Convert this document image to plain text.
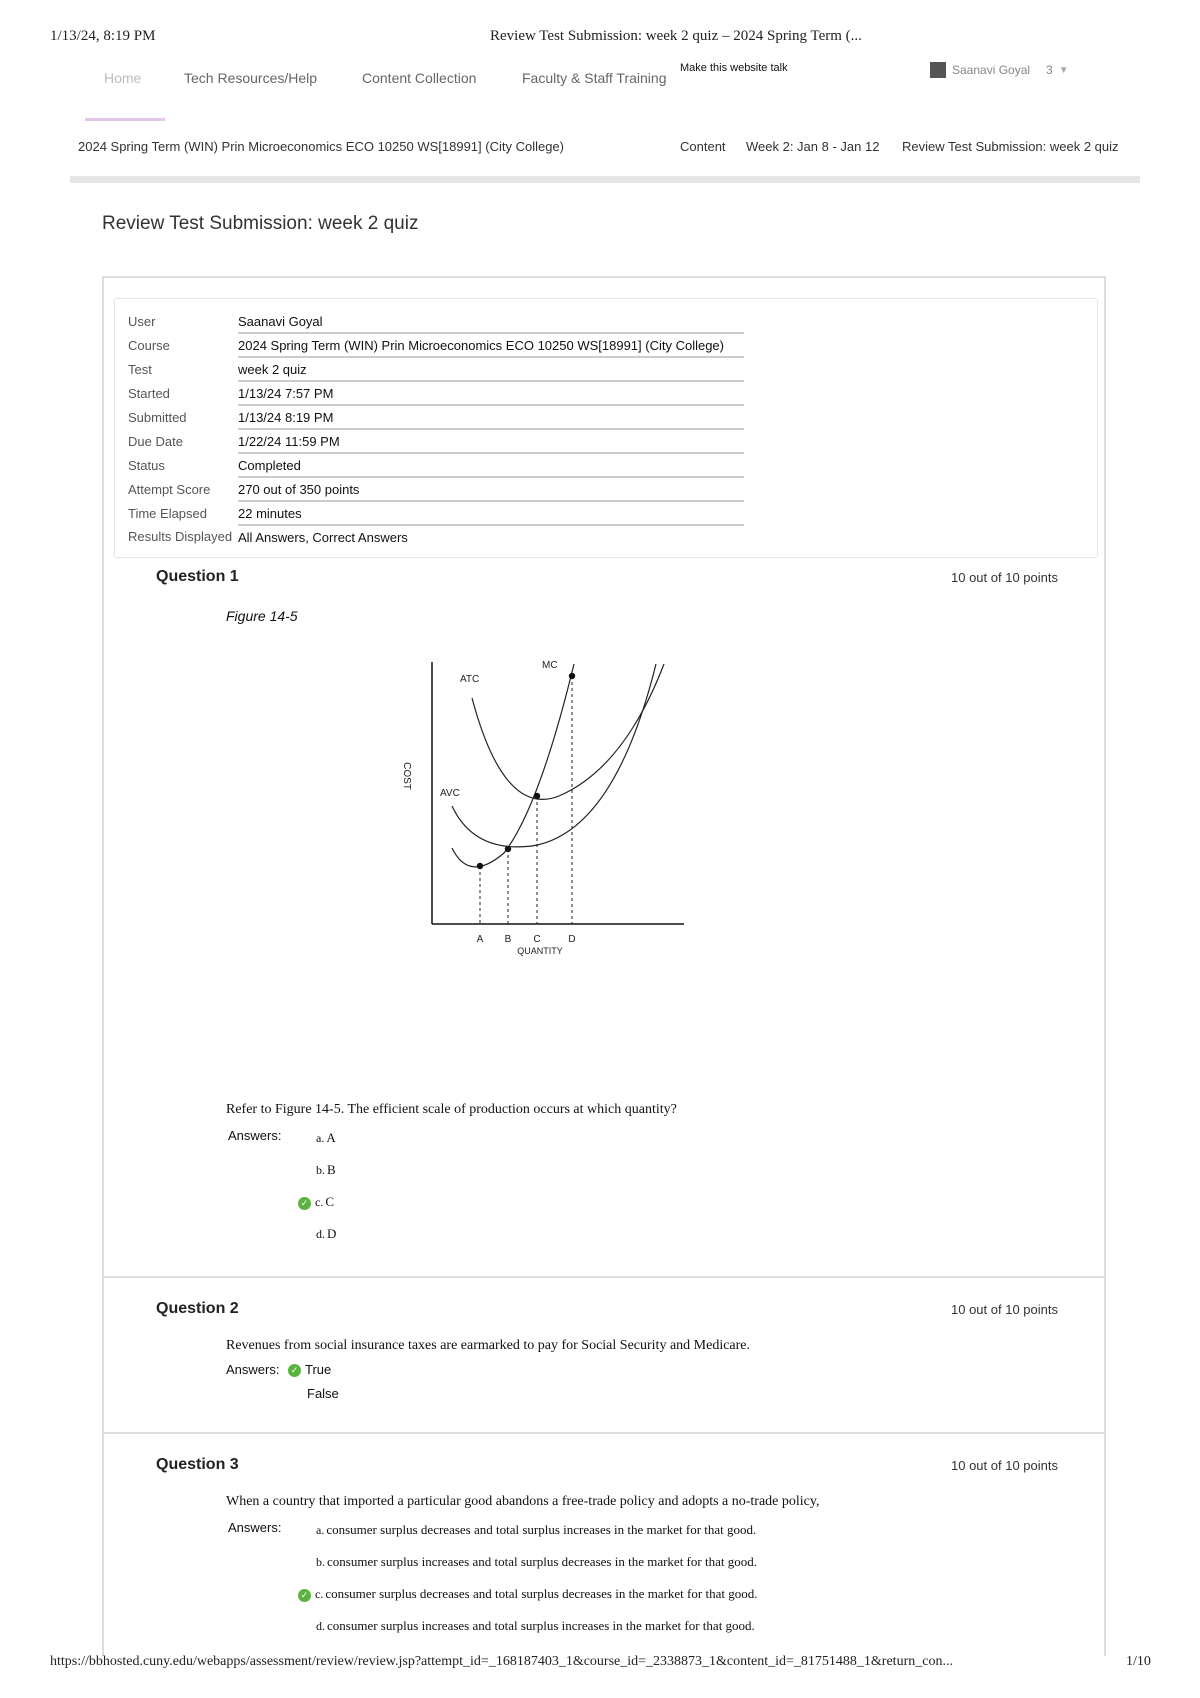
1/13/24, 8:19 PM	Review Test Submission: week 2 quiz – 2024 Spring Term (...
Home	Tech Resources/Help	Content Collection	Faculty & Staff Training
Make this website talk	Saanavi Goyal 3 ▼
2024 Spring Term (WIN) Prin Microeconomics ECO 10250 WS[18991] (City College)	Content Week 2: Jan 8 - Jan 12 Review Test Submission: week 2 quiz
Review Test Submission: week 2 quiz
User	Saanavi Goyal
Course	2024 Spring Term (WIN) Prin Microeconomics ECO 10250 WS[18991] (City College)
Test	week 2 quiz
Started	1/13/24 7:57 PM
Submitted	1/13/24 8:19 PM
Due Date	1/22/24 11:59 PM
Status	Completed
Attempt Score	270 out of 350 points
Time Elapsed	22 minutes
Results Displayed	All Answers, Correct Answers
Question 1	10 out of 10 points
Figure 14-5
A B C	D
QUANTITY
COST
ATC
AVC
MC
Refer to Figure 14-5. The efficient scale of production occurs at which quantity?
Answers:	a. A
b. B
✓ c. C
d. D
Question 2	10 out of 10 points
Revenues from social insurance taxes are earmarked to pay for Social Security and Medicare.
Answers:	✓ True
False
Question 3	10 out of 10 points
When a country that imported a particular good abandons a free-trade policy and adopts a no-trade policy,
Answers:	a. consumer surplus decreases and total surplus increases in the market for that good.
b. consumer surplus increases and total surplus decreases in the market for that good.
✓ c. consumer surplus decreases and total surplus decreases in the market for that good.
d. consumer surplus increases and total surplus increases in the market for that good.
https://bbhosted.cuny.edu/webapps/assessment/review/review.jsp?attempt_id=_168187403_1&course_id=_2338873_1&content_id=_81751488_1&return_con...	1/10
